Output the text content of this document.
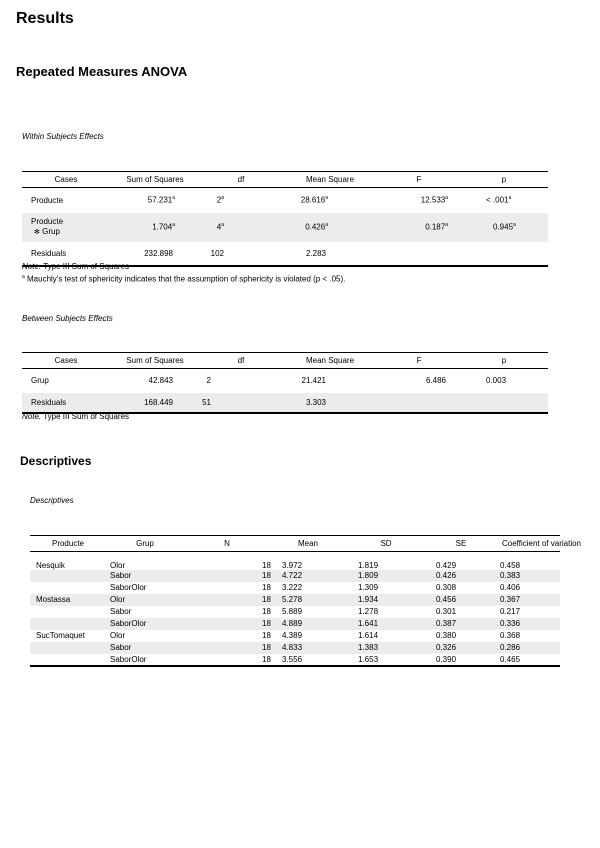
Results
Repeated Measures ANOVA
Within Subjects Effects
Cases	Sum of Squares	df	Mean Square	F	p
Producte	57.231$^a$	2$^a$	28.616$^a$	12.533$^a$	< .001$^a$
Producte
✻ Grup	1.704$^a$	4$^a$	0.426$^a$	0.187$^a$	0.945$^a$
Residuals	232.898	102	2.283		
Note. Type III Sum of Squares
$^a$ Mauchly's test of sphericity indicates that the assumption of sphericity is violated (p < .05).
Between Subjects Effects
Cases	Sum of Squares	df	Mean Square	F	p
Grup	42.843	2	21.421	6.486	0.003
Residuals	168.449	51	3.303		
Note. Type III Sum of Squares
Descriptives
Descriptives
Producte	Grup	N	Mean	SD	SE	Coefficient of variation
Nesquik	Olor	18	3.972	1.819	0.429	0.458
	Sabor	18	4.722	1.809	0.426	0.383
	SaborOlor	18	3.222	1.309	0.308	0.406
Mostassa	Olor	18	5.278	1.934	0.456	0.367
	Sabor	18	5.889	1.278	0.301	0.217
	SaborOlor	18	4.889	1.641	0.387	0.336
SucTomaquet	Olor	18	4.389	1.614	0.380	0.368
	Sabor	18	4.833	1.383	0.326	0.286
	SaborOlor	18	3.556	1.653	0.390	0.465
